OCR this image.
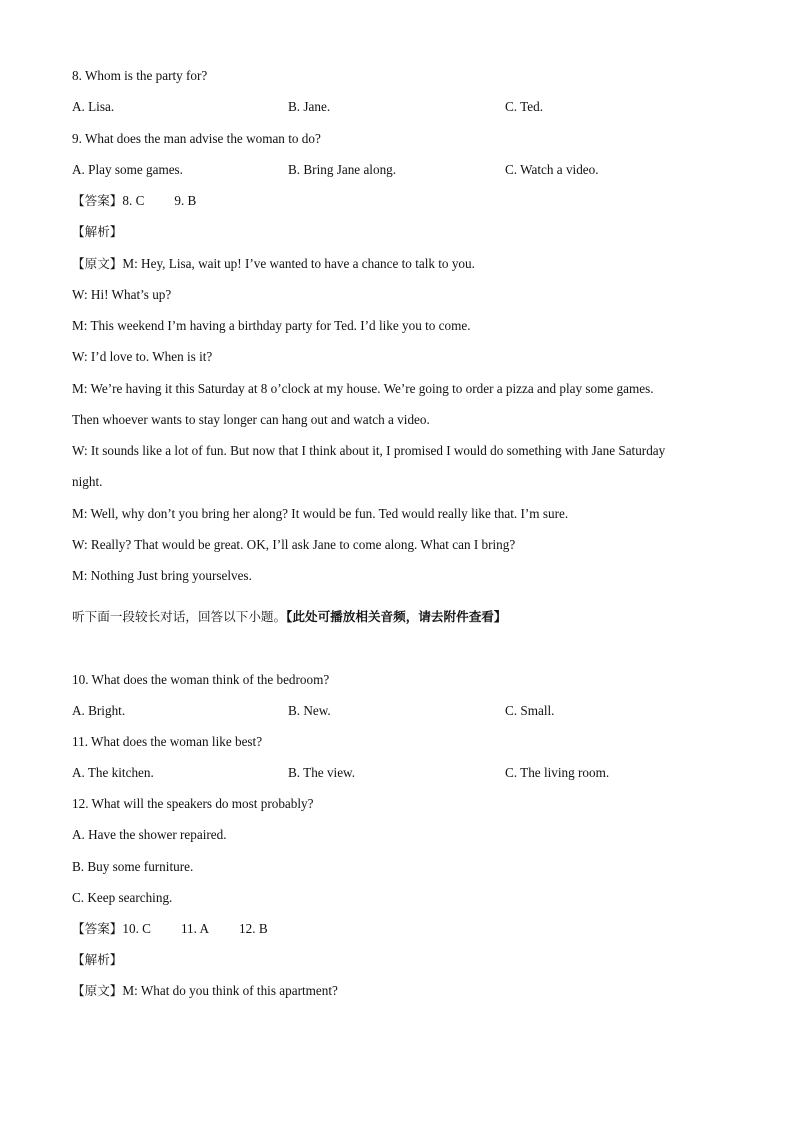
8. Whom is the party for?
A. Lisa.	B. Jane.	C. Ted.
9. What does the man advise the woman to do?
A. Play some games.	B. Bring Jane along.	C. Watch a video.
【答案】8. C 9. B
【解析】
【原文】M: Hey, Lisa, wait up! I’ve wanted to have a chance to talk to you.
W: Hi! What’s up?
M: This weekend I’m having a birthday party for Ted. I’d like you to come.
W: I’d love to. When is it?
M: We’re having it this Saturday at 8 o’clock at my house. We’re going to order a pizza and play some games.
Then whoever wants to stay longer can hang out and watch a video.
W: It sounds like a lot of fun. But now that I think about it, I promised I would do something with Jane Saturday
night.
M: Well, why don’t you bring her along? It would be fun. Ted would really like that. I’m sure.
W: Really? That would be great. OK, I’ll ask Jane to come along. What can I bring?
M: Nothing Just bring yourselves.
听下面一段较长对话，回答以下小题。【此处可播放相关音频，请去附件查看】
10. What does the woman think of the bedroom?
A. Bright.	B. New.	C. Small.
11. What does the woman like best?
A. The kitchen.	B. The view.	C. The living room.
12. What will the speakers do most probably?
A. Have the shower repaired.
B. Buy some furniture.
C. Keep searching.
【答案】10. C 11. A 12. B
【解析】
【原文】M: What do you think of this apartment?
